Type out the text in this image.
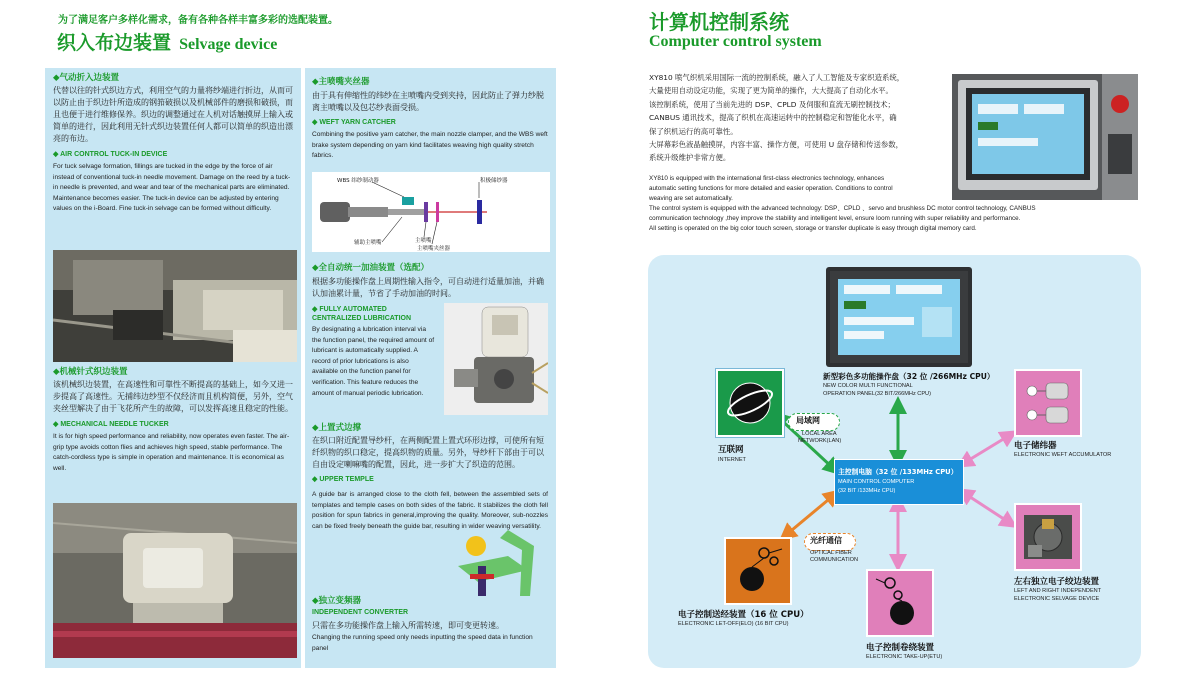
为了满足客户多样化需求，备有各种各样丰富多彩的选配装置。
织入布边装置 Selvage device
◆气动折入边装置
代替以往的针式织边方式，利用空气的力量将纱端进行折边，从而可以防止由于织边针所造成的钢筘破损以及机械部件的磨损和破损，而且也便于进行维修保养。织边的调整通过在人机对话触摸屏上输入或简单的进行，因此利用无针式织边装置任何人都可以简单的织造出漂亮的布边。
◆ AIR CONTROL TUCK-IN DEVICE
For tuck selvage formation, fillings are tucked in the edge by the force of air instead of conventional tuck-in needle movement. Damage on the reed by a tuck-in needle is prevented, and wear and tear of the mechanical parts are eliminated. Maintenance becomes easier. The tuck-in device can be adjusted by entering values on the i-Board. Fine tuck-in selvage can be formed without difficulty.
◆机械针式织边装置
该机械织边装置，在高速性和可靠性不断提高的基础上，如今又进一步提高了高速性。无捕纬边纱型不仅经济而且机构简便，另外，空气夹丝型解决了由于飞花所产生的故障，可以发挥高速且稳定的性能。
◆ MECHANICAL NEEDLE TUCKER
It is for high speed performance and reliability, now operates even faster. The air-grip type avoids cotton flies and achieves high speed, stable performance. The catch-cordless type is simple in operation and maintenance. It is economical as well.
◆主喷嘴夹丝器
由于具有伸缩性的纬纱在主喷嘴内受到夹持，因此防止了弹力纱脱离主喷嘴以及包芯纱表面受损。
◆ WEFT YARN CATCHER
Combining the positive yarn catcher, the main nozzle clamper, and the WBS weft brake system depending on yarn kind facilitates weaving high quality stretch fabrics.
WBS 纬纱制动器	积极储纱器
辅助主喷嘴	主喷嘴
主喷嘴夹丝器
◆全自动统一加油装置（选配）
根据多功能操作盘上周期性输入指令，可自动进行适量加油，并确认加油累计量，节省了手动加油的时间。
◆ FULLY AUTOMATED
CENTRALIZED LUBRICATION
By designating a lubrication interval via the function panel, the required amount of lubricant is automatically supplied. A record of prior lubrications is also available on the function panel for verification. This feature reduces the amount of manual periodic lubrication.
◆上置式边撑
在织口附近配置导纱杆，在两侧配置上置式环形边撑，可使所有短纤织物的织口稳定，提高织物的质量。另外，导纱杆下部由于可以自由设定喇嘛嘴的配置，因此，进一步扩大了织造的范围。
◆ UPPER TEMPLE
A guide bar is arranged close to the cloth fell, between the assembled sets of templates and temple cases on both sides of the fabric. It stabilizes the cloth fell position for spun fabrics in general,improving the quality. Moreover, sub-nozzles can be fixed freely beneath the guide bar, resulting in wider weaving versatility.
◆独立变频器
INDEPENDENT CONVERTER
只需在多功能操作盘上输入所需转速，即可变更转速。
Changing the running speed only needs inputting the speed data in function panel
计算机控制系统
Computer control system
XY810 喷气织机采用国际一流的控制系统，融入了人工智能及专家织造系统，
大量使用自动设定功能，实现了更为简单的操作，大大提高了自动化水平。
该控制系统，使用了当前先进的 DSP、CPLD 及伺服和直流无刷控制技术；
CANBUS 通讯技术，提高了织机在高速运转中的控制稳定和智能化水平，确
保了织机运行的高可靠性。
大屏幕彩色液晶触摸屏，内容丰富、操作方便，可使用 U 盘存储和传送参数，
系统升级维护非常方便。
XY810 is equipped with the international first-class electronics technology, enhances
automatic setting functions for more detailed and easier operation. Conditions to control
weaving are set automatically.
The control system is equipped with the advanced technology: DSP、CPLD 、servo and brushless DC motor control technology, CANBUS
communication technology ,they improve the stability and intelligent level, ensure loom running with super reliability and performance.
All setting is operated on the big color touch screen, storage or transfer duplicate is easy through digital memory card.
新型彩色多功能操作盘（32 位 /266MHz CPU）
NEW COLOR MULTI FUNCTIONAL
OPERATION PANEL(32 BIT/266MHz CPU)
互联网
INTERNET
局域网
LOCAL AREA
NETWORK(LAN)
主控制电脑（32 位 /133MHz CPU）
MAIN CONTROL COMPUTER
(32 BIT /133MHz CPU)
电子储纬器
ELECTRONIC WEFT ACCUMULATOR
光纤通信
OPTICAL FIBER
COMMUNICATION
左右独立电子绞边装置
LEFT AND RIGHT INDEPENDENT
ELECTRONIC SELVAGE DEVICE
电子控制送经装置（16 位 CPU）
ELECTRONIC LET-OFF(ELO) (16 BIT CPU)
电子控制卷绕装置
ELECTRONIC TAKE-UP(ETU)
